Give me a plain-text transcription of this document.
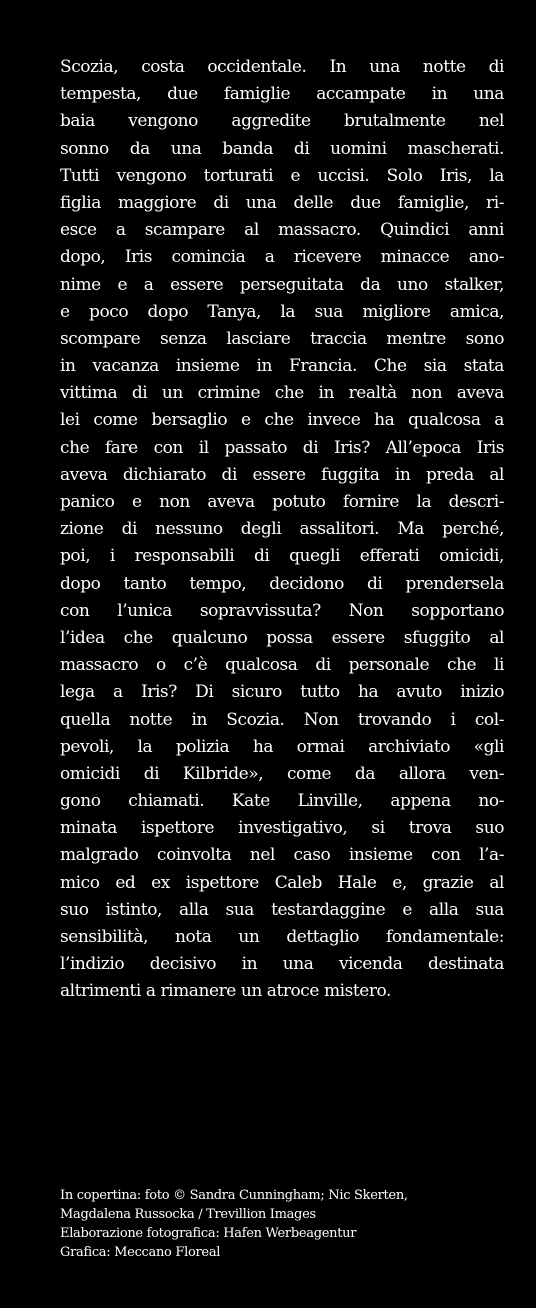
Scozia, costa occidentale. In una notte di
tempesta, due famiglie accampate in una
baia vengono aggredite brutalmente nel
sonno da una banda di uomini mascherati.
Tutti vengono torturati e uccisi. Solo Iris, la
figlia maggiore di una delle due famiglie, ri-
esce a scampare al massacro. Quindici anni
dopo, Iris comincia a ricevere minacce ano-
nime e a essere perseguitata da uno stalker,
e poco dopo Tanya, la sua migliore amica,
scompare senza lasciare traccia mentre sono
in vacanza insieme in Francia. Che sia stata
vittima di un crimine che in realtà non aveva
lei come bersaglio e che invece ha qualcosa a
che fare con il passato di Iris? All’epoca Iris
aveva dichiarato di essere fuggita in preda al
panico e non aveva potuto fornire la descri-
zione di nessuno degli assalitori. Ma perché,
poi, i responsabili di quegli efferati omicidi,
dopo tanto tempo, decidono di prendersela
con l’unica sopravvissuta? Non sopportano
l’idea che qualcuno possa essere sfuggito al
massacro o c’è qualcosa di personale che li
lega a Iris? Di sicuro tutto ha avuto inizio
quella notte in Scozia. Non trovando i col-
pevoli, la polizia ha ormai archiviato «gli
omicidi di Kilbride», come da allora ven-
gono chiamati. Kate Linville, appena no-
minata ispettore investigativo, si trova suo
malgrado coinvolta nel caso insieme con l’a-
mico ed ex ispettore Caleb Hale e, grazie al
suo istinto, alla sua testardaggine e alla sua
sensibilità, nota un dettaglio fondamentale:
l’indizio decisivo in una vicenda destinata
altrimenti a rimanere un atroce mistero.
In copertina: foto © Sandra Cunningham; Nic Skerten,
Magdalena Russocka / Trevillion Images
Elaborazione fotografica: Hafen Werbeagentur
Grafica: Meccano Floreal
